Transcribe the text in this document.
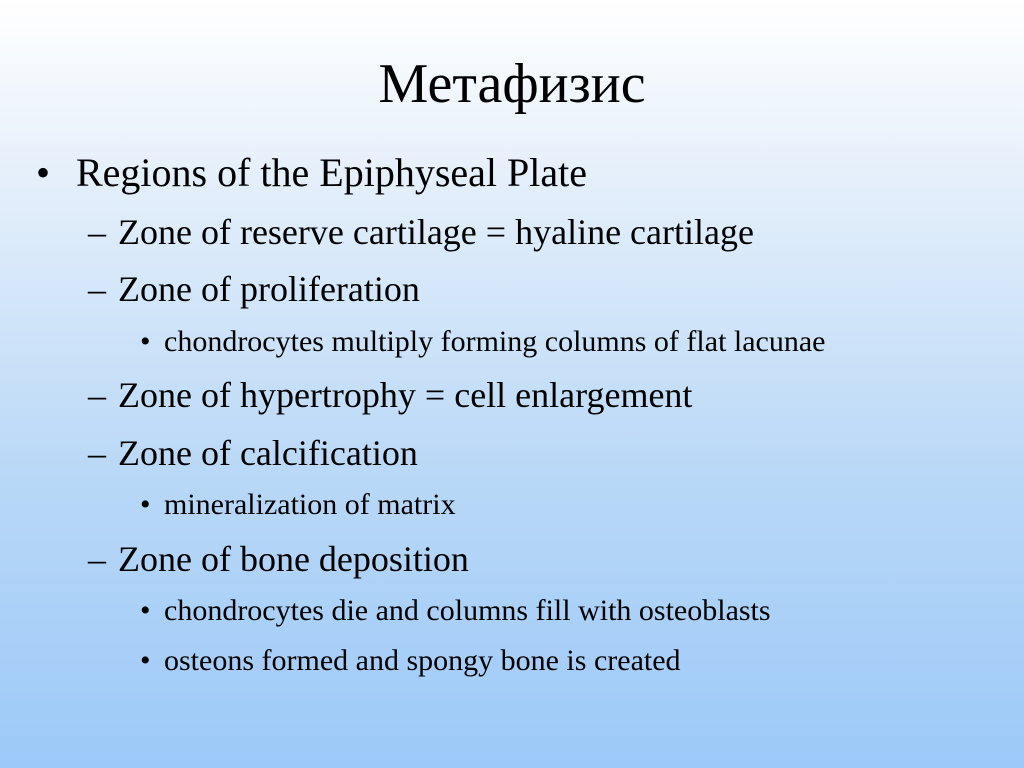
Метафизис
• Regions of the Epiphyseal Plate
– Zone of reserve cartilage = hyaline cartilage
– Zone of proliferation
• chondrocytes multiply forming columns of flat lacunae
– Zone of hypertrophy = cell enlargement
– Zone of calcification
• mineralization of matrix
– Zone of bone deposition
• chondrocytes die and columns fill with osteoblasts
• osteons formed and spongy bone is created
